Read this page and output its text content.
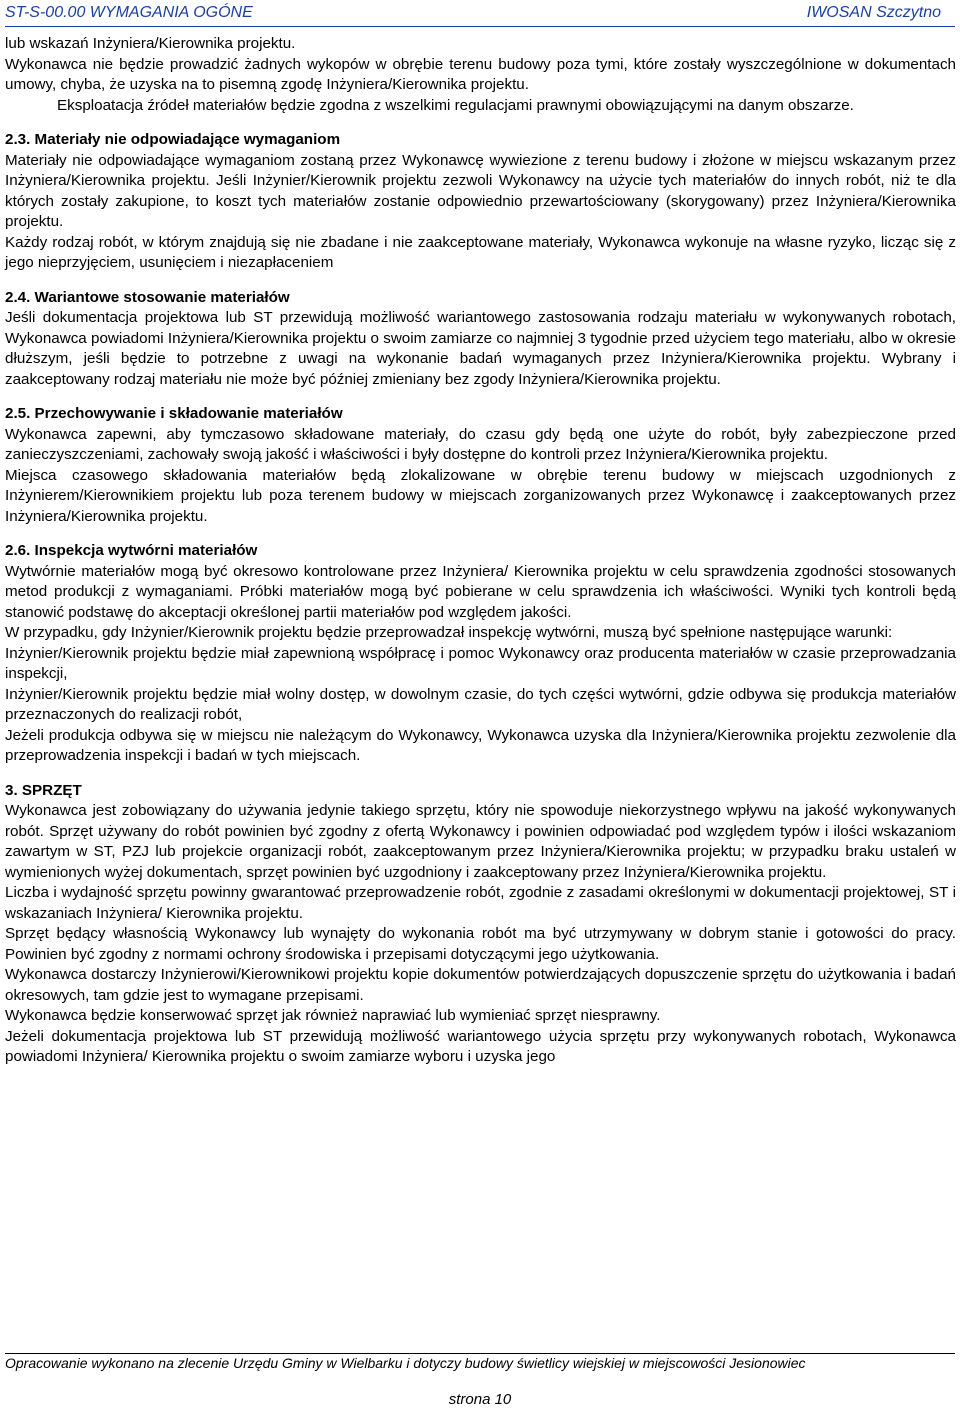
ST-S-00.00 WYMAGANIA OGÓNE	IWOSAN Szczytno

lub wskazań Inżyniera/Kierownika projektu.

Wykonawca nie będzie prowadzić żadnych wykopów w obrębie terenu budowy poza tymi, które zostały wyszczególnione w dokumentach umowy, chyba, że uzyska na to pisemną zgodę Inżyniera/Kierownika projektu.

Eksploatacja źródeł materiałów będzie zgodna z wszelkimi regulacjami prawnymi obowiązującymi na danym obszarze.

2.3. Materiały nie odpowiadające wymaganiom

Materiały nie odpowiadające wymaganiom zostaną przez Wykonawcę wywiezione z terenu budowy i złożone w miejscu wskazanym przez Inżyniera/Kierownika projektu. Jeśli Inżynier/Kierownik projektu zezwoli Wykonawcy na użycie tych materiałów do innych robót, niż te dla których zostały zakupione, to koszt tych materiałów zostanie odpowiednio przewartościowany (skorygowany) przez Inżyniera/Kierownika projektu.

Każdy rodzaj robót, w którym znajdują się nie zbadane i nie zaakceptowane materiały, Wykonawca wykonuje na własne ryzyko, licząc się z jego nieprzyjęciem, usunięciem i niezapłaceniem

2.4. Wariantowe stosowanie materiałów

Jeśli dokumentacja projektowa lub ST przewidują możliwość wariantowego zastosowania rodzaju materiału w wykonywanych robotach, Wykonawca powiadomi Inżyniera/Kierownika projektu o swoim zamiarze co najmniej 3 tygodnie przed użyciem tego materiału, albo w okresie dłuższym, jeśli będzie to potrzebne z uwagi na wykonanie badań wymaganych przez Inżyniera/Kierownika projektu. Wybrany i zaakceptowany rodzaj materiału nie może być później zmieniany bez zgody Inżyniera/Kierownika projektu.

2.5. Przechowywanie i składowanie materiałów

Wykonawca zapewni, aby tymczasowo składowane materiały, do czasu gdy będą one użyte do robót, były zabezpieczone przed zanieczyszczeniami, zachowały swoją jakość i właściwości i były dostępne do kontroli przez Inżyniera/Kierownika projektu.

Miejsca czasowego składowania materiałów będą zlokalizowane w obrębie terenu budowy w miejscach uzgodnionych z Inżynierem/Kierownikiem projektu lub poza terenem budowy w miejscach zorganizowanych przez Wykonawcę i zaakceptowanych przez Inżyniera/Kierownika projektu.

2.6. Inspekcja wytwórni materiałów

Wytwórnie materiałów mogą być okresowo kontrolowane przez Inżyniera/ Kierownika projektu w celu sprawdzenia zgodności stosowanych metod produkcji z wymaganiami. Próbki materiałów mogą być pobierane w celu sprawdzenia ich właściwości. Wyniki tych kontroli będą stanowić podstawę do akceptacji określonej partii materiałów pod względem jakości.

W przypadku, gdy Inżynier/Kierownik projektu będzie przeprowadzał inspekcję wytwórni, muszą być spełnione następujące warunki:

Inżynier/Kierownik projektu będzie miał zapewnioną współpracę i pomoc Wykonawcy oraz producenta materiałów w czasie przeprowadzania inspekcji,

Inżynier/Kierownik projektu będzie miał wolny dostęp, w dowolnym czasie, do tych części wytwórni, gdzie odbywa się produkcja materiałów przeznaczonych do realizacji robót,

Jeżeli produkcja odbywa się w miejscu nie należącym do Wykonawcy, Wykonawca uzyska dla Inżyniera/Kierownika projektu zezwolenie dla przeprowadzenia inspekcji i badań w tych miejscach.

3. SPRZĘT

Wykonawca jest zobowiązany do używania jedynie takiego sprzętu, który nie spowoduje niekorzystnego wpływu na jakość wykonywanych robót. Sprzęt używany do robót powinien być zgodny z ofertą Wykonawcy i powinien odpowiadać pod względem typów i ilości wskazaniom zawartym w ST, PZJ lub projekcie organizacji robót, zaakceptowanym przez Inżyniera/Kierownika projektu; w przypadku braku ustaleń w wymienionych wyżej dokumentach, sprzęt powinien być uzgodniony i zaakceptowany przez Inżyniera/Kierownika projektu.

Liczba i wydajność sprzętu powinny gwarantować przeprowadzenie robót, zgodnie z zasadami określonymi w dokumentacji projektowej, ST i wskazaniach Inżyniera/ Kierownika projektu.

Sprzęt będący własnością Wykonawcy lub wynajęty do wykonania robót ma być utrzymywany w dobrym stanie i gotowości do pracy. Powinien być zgodny z normami ochrony środowiska i przepisami dotyczącymi jego użytkowania.

Wykonawca dostarczy Inżynierowi/Kierownikowi projektu kopie dokumentów potwierdzających dopuszczenie sprzętu do użytkowania i badań okresowych, tam gdzie jest to wymagane przepisami.

Wykonawca będzie konserwować sprzęt jak również naprawiać lub wymieniać sprzęt niesprawny.

Jeżeli dokumentacja projektowa lub ST przewidują możliwość wariantowego użycia sprzętu przy wykonywanych robotach, Wykonawca powiadomi Inżyniera/ Kierownika projektu o swoim zamiarze wyboru i uzyska jego

Opracowanie wykonano na zlecenie Urzędu Gminy w Wielbarku i dotyczy budowy świetlicy wiejskiej w miejscowości Jesionowiec
strona 10
